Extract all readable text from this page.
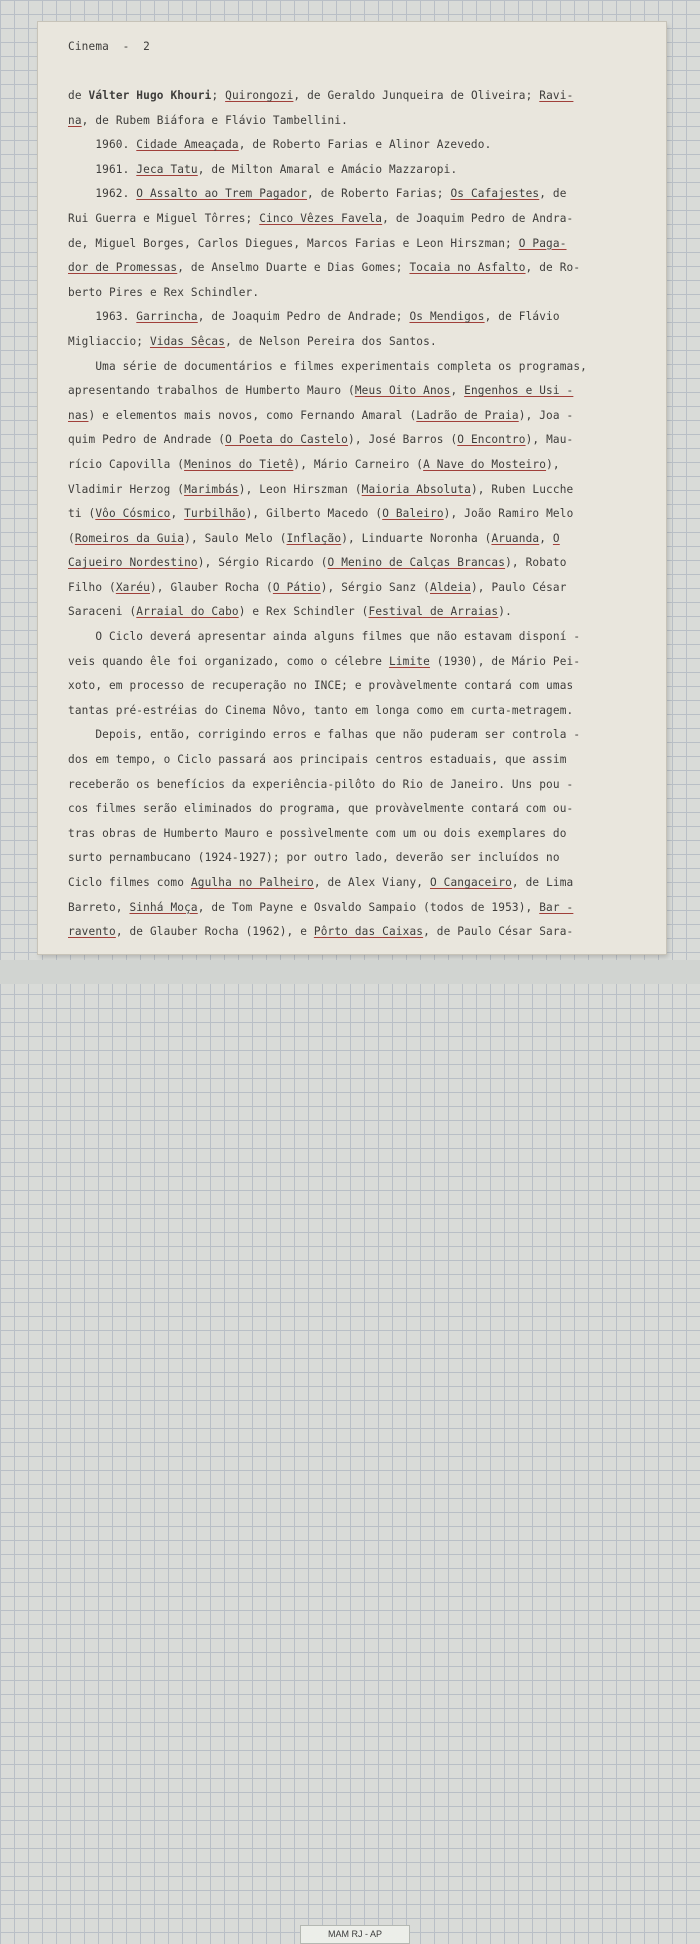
Cinema  -  2
de Válter Hugo Khouri; Quirongozi, de Geraldo Junqueira de Oliveira; Ravi-
na, de Rubem Biáfora e Flávio Tambellini.
1960. Cidade Ameaçada, de Roberto Farias e Alinor Azevedo.
1961. Jeca Tatu, de Milton Amaral e Amácio Mazzaropi.
1962. O Assalto ao Trem Pagador, de Roberto Farias; Os Cafajestes, de
Rui Guerra e Miguel Tôrres; Cinco Vêzes Favela, de Joaquim Pedro de Andra-
de, Miguel Borges, Carlos Diegues, Marcos Farias e Leon Hirszman; O Paga-
dor de Promessas, de Anselmo Duarte e Dias Gomes; Tocaia no Asfalto, de Ro-
berto Pires e Rex Schindler.
1963. Garrincha, de Joaquim Pedro de Andrade; Os Mendigos, de Flávio
Migliaccio; Vidas Sêcas, de Nelson Pereira dos Santos.
Uma série de documentários e filmes experimentais completa os programas,
apresentando trabalhos de Humberto Mauro (Meus Oito Anos, Engenhos e Usi -
nas) e elementos mais novos, como Fernando Amaral (Ladrão de Praia), Joa -
quim Pedro de Andrade (O Poeta do Castelo), José Barros (O Encontro), Mau-
rício Capovilla (Meninos do Tietê), Mário Carneiro (A Nave do Mosteiro),
Vladimir Herzog (Marimbás), Leon Hirszman (Maioria Absoluta), Ruben Lucche
ti (Vôo Cósmico, Turbilhão), Gilberto Macedo (O Baleiro), João Ramiro Melo
(Romeiros da Guia), Saulo Melo (Inflação), Linduarte Noronha (Aruanda, O
Cajueiro Nordestino), Sérgio Ricardo (O Menino de Calças Brancas), Robato
Filho (Xaréu), Glauber Rocha (O Pátio), Sérgio Sanz (Aldeia), Paulo César
Saraceni (Arraial do Cabo) e Rex Schindler (Festival de Arraias).
O Ciclo deverá apresentar ainda alguns filmes que não estavam disponí -
veis quando êle foi organizado, como o célebre Limite (1930), de Mário Pei-
xoto, em processo de recuperação no INCE; e provàvelmente contará com umas
tantas pré-estréias do Cinema Nôvo, tanto em longa como em curta-metragem.
Depois, então, corrigindo erros e falhas que não puderam ser controla -
dos em tempo, o Ciclo passará aos principais centros estaduais, que assim
receberão os benefícios da experiência-pilôto do Rio de Janeiro. Uns pou -
cos filmes serão eliminados do programa, que provàvelmente contará com ou-
tras obras de Humberto Mauro e possìvelmente com um ou dois exemplares do
surto pernambucano (1924-1927); por outro lado, deverão ser incluídos no
Ciclo filmes como Agulha no Palheiro, de Alex Viany, O Cangaceiro, de Lima
Barreto, Sinhá Moça, de Tom Payne e Osvaldo Sampaio (todos de 1953), Bar -
ravento, de Glauber Rocha (1962), e Pôrto das Caixas, de Paulo César Sara-
MAM RJ - AP
